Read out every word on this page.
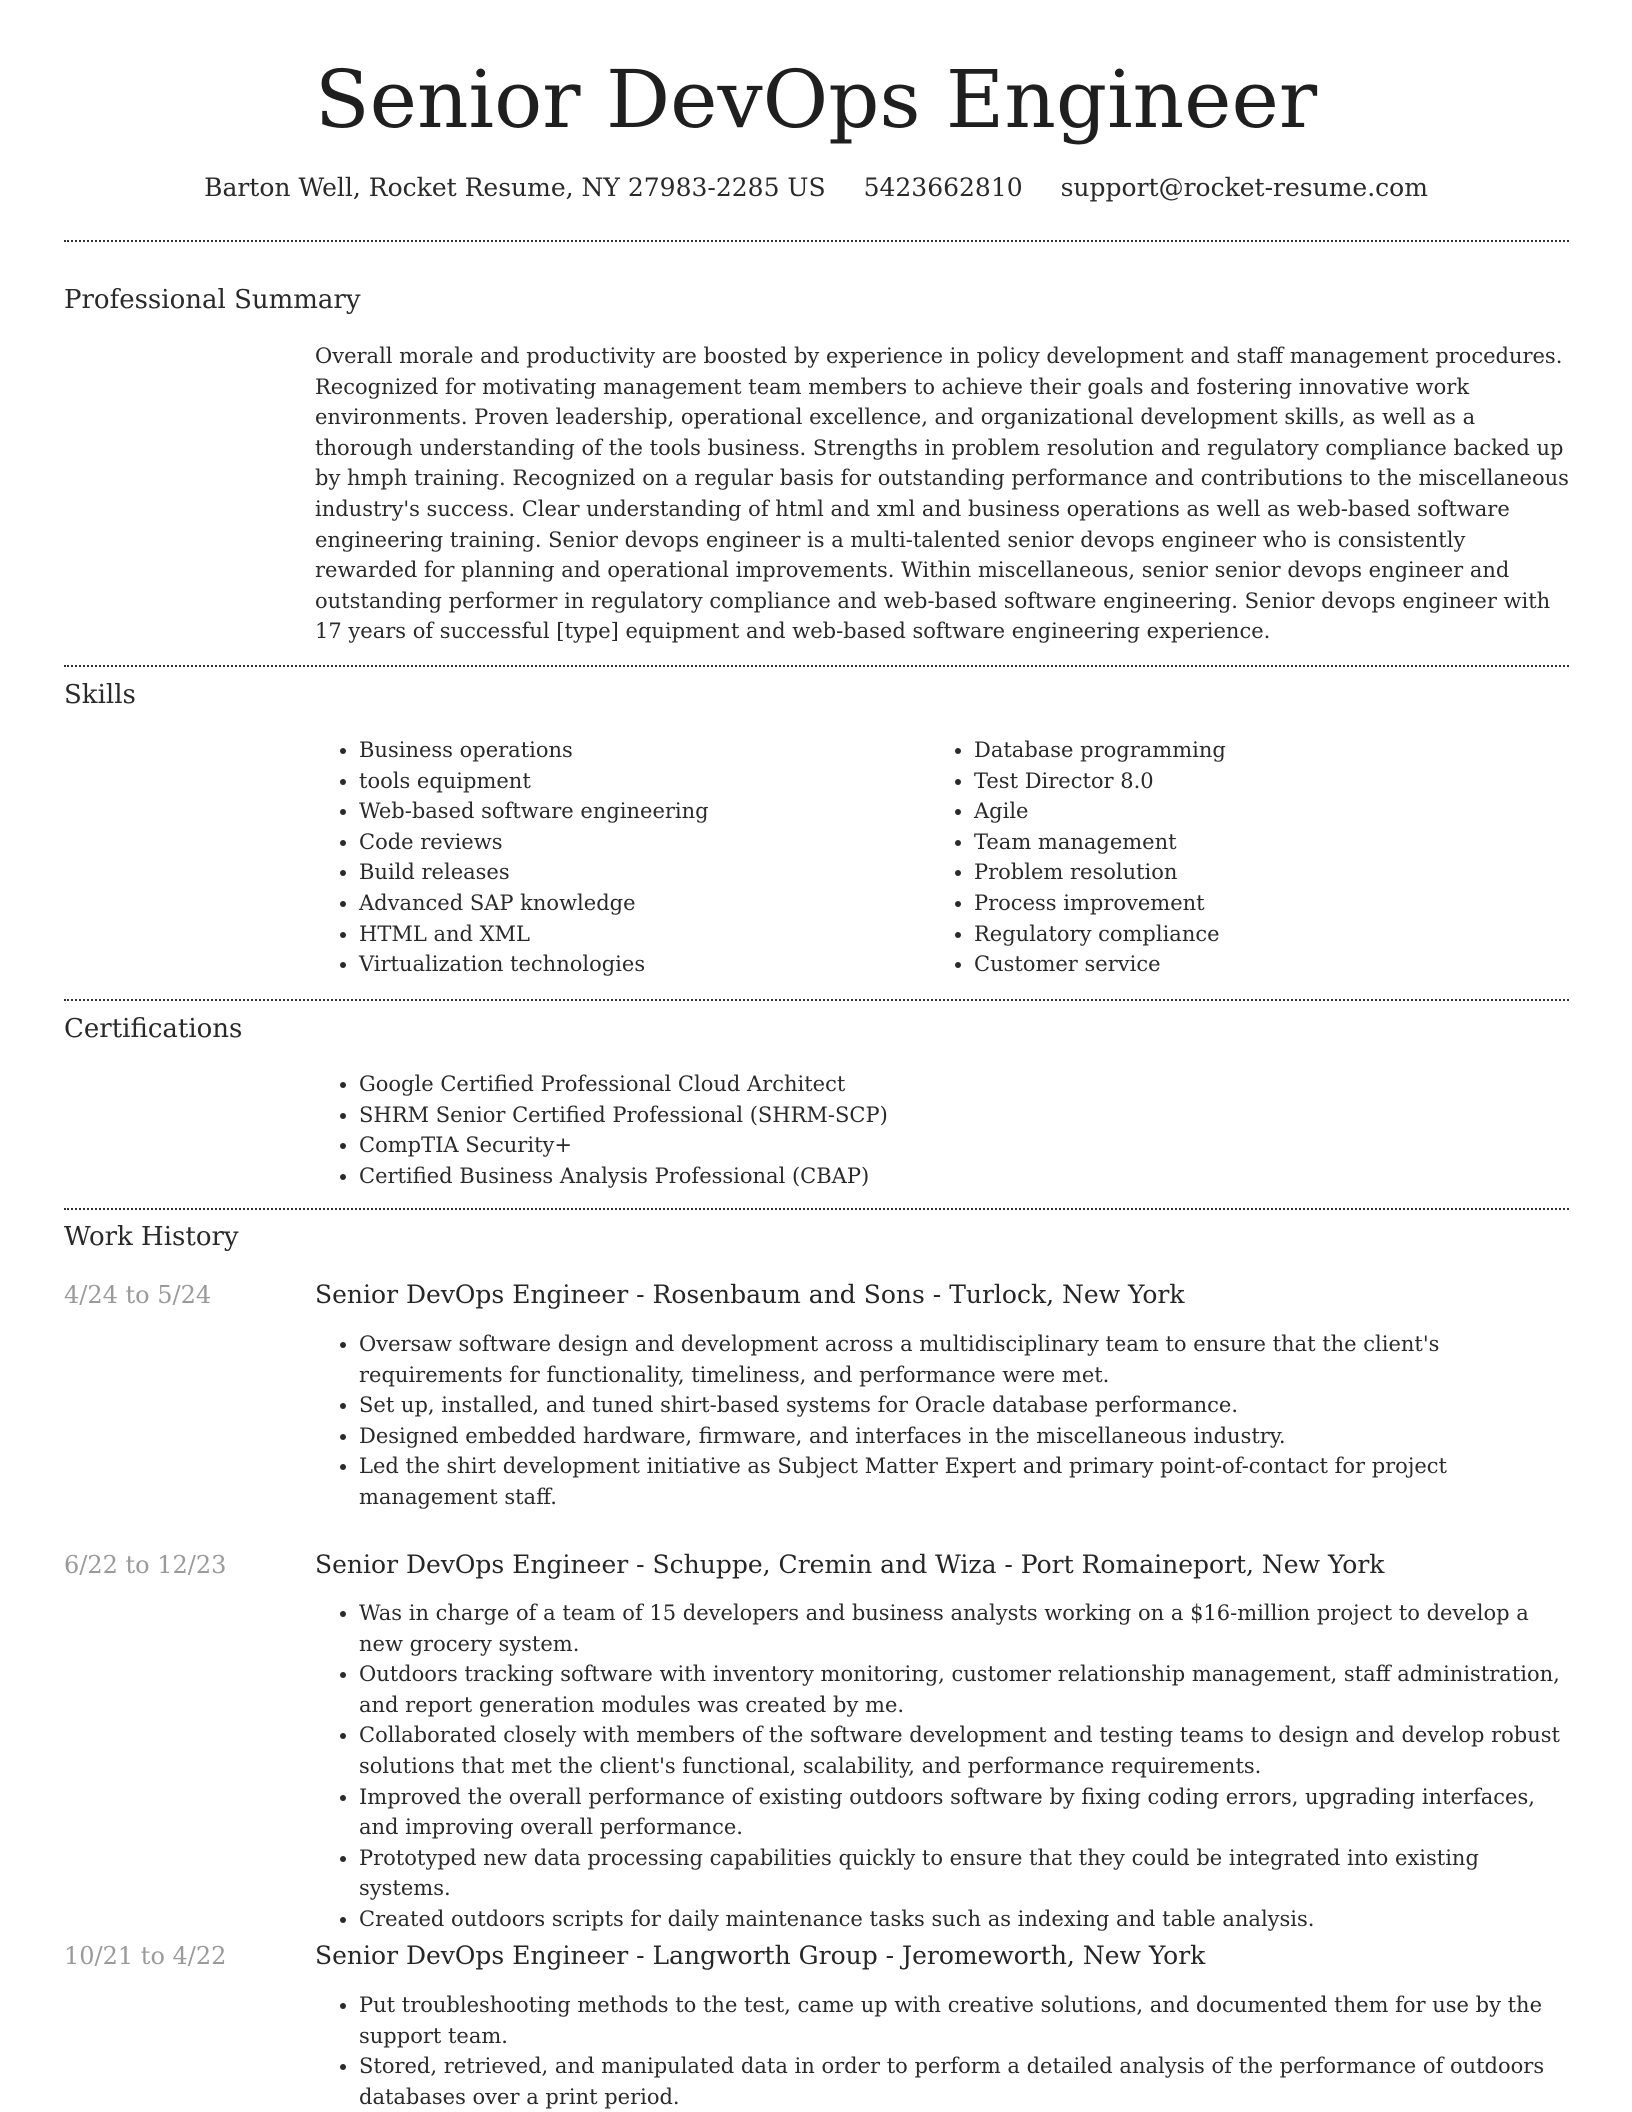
Senior DevOps Engineer
Barton Well, Rocket Resume, NY 27983-2285 US 5423662810 support@rocket-resume.com
Professional Summary
Overall morale and productivity are boosted by experience in policy development and staff management procedures. Recognized for motivating management team members to achieve their goals and fostering innovative work environments. Proven leadership, operational excellence, and organizational development skills, as well as a thorough understanding of the tools business. Strengths in problem resolution and regulatory compliance backed up by hmph training. Recognized on a regular basis for outstanding performance and contributions to the miscellaneous industry's success. Clear understanding of html and xml and business operations as well as web-based software engineering training. Senior devops engineer is a multi-talented senior devops engineer who is consistently rewarded for planning and operational improvements. Within miscellaneous, senior senior devops engineer and outstanding performer in regulatory compliance and web-based software engineering. Senior devops engineer with 17 years of successful [type] equipment and web-based software engineering experience.
Skills
• Business operations
• tools equipment
• Web-based software engineering
• Code reviews
• Build releases
• Advanced SAP knowledge
• HTML and XML
• Virtualization technologies
• Database programming
• Test Director 8.0
• Agile
• Team management
• Problem resolution
• Process improvement
• Regulatory compliance
• Customer service
Certifications
• Google Certified Professional Cloud Architect
• SHRM Senior Certified Professional (SHRM-SCP)
• CompTIA Security+
• Certified Business Analysis Professional (CBAP)
Work History
4/24 to 5/24	Senior DevOps Engineer - Rosenbaum and Sons - Turlock, New York
• Oversaw software design and development across a multidisciplinary team to ensure that the client's requirements for functionality, timeliness, and performance were met.
• Set up, installed, and tuned shirt-based systems for Oracle database performance.
• Designed embedded hardware, firmware, and interfaces in the miscellaneous industry.
• Led the shirt development initiative as Subject Matter Expert and primary point-of-contact for project management staff.
6/22 to 12/23	Senior DevOps Engineer - Schuppe, Cremin and Wiza - Port Romaineport, New York
• Was in charge of a team of 15 developers and business analysts working on a $16-million project to develop a new grocery system.
• Outdoors tracking software with inventory monitoring, customer relationship management, staff administration, and report generation modules was created by me.
• Collaborated closely with members of the software development and testing teams to design and develop robust solutions that met the client's functional, scalability, and performance requirements.
• Improved the overall performance of existing outdoors software by fixing coding errors, upgrading interfaces, and improving overall performance.
• Prototyped new data processing capabilities quickly to ensure that they could be integrated into existing systems.
• Created outdoors scripts for daily maintenance tasks such as indexing and table analysis.
10/21 to 4/22	Senior DevOps Engineer - Langworth Group - Jeromeworth, New York
• Put troubleshooting methods to the test, came up with creative solutions, and documented them for use by the support team.
• Stored, retrieved, and manipulated data in order to perform a detailed analysis of the performance of outdoors databases over a print period.
